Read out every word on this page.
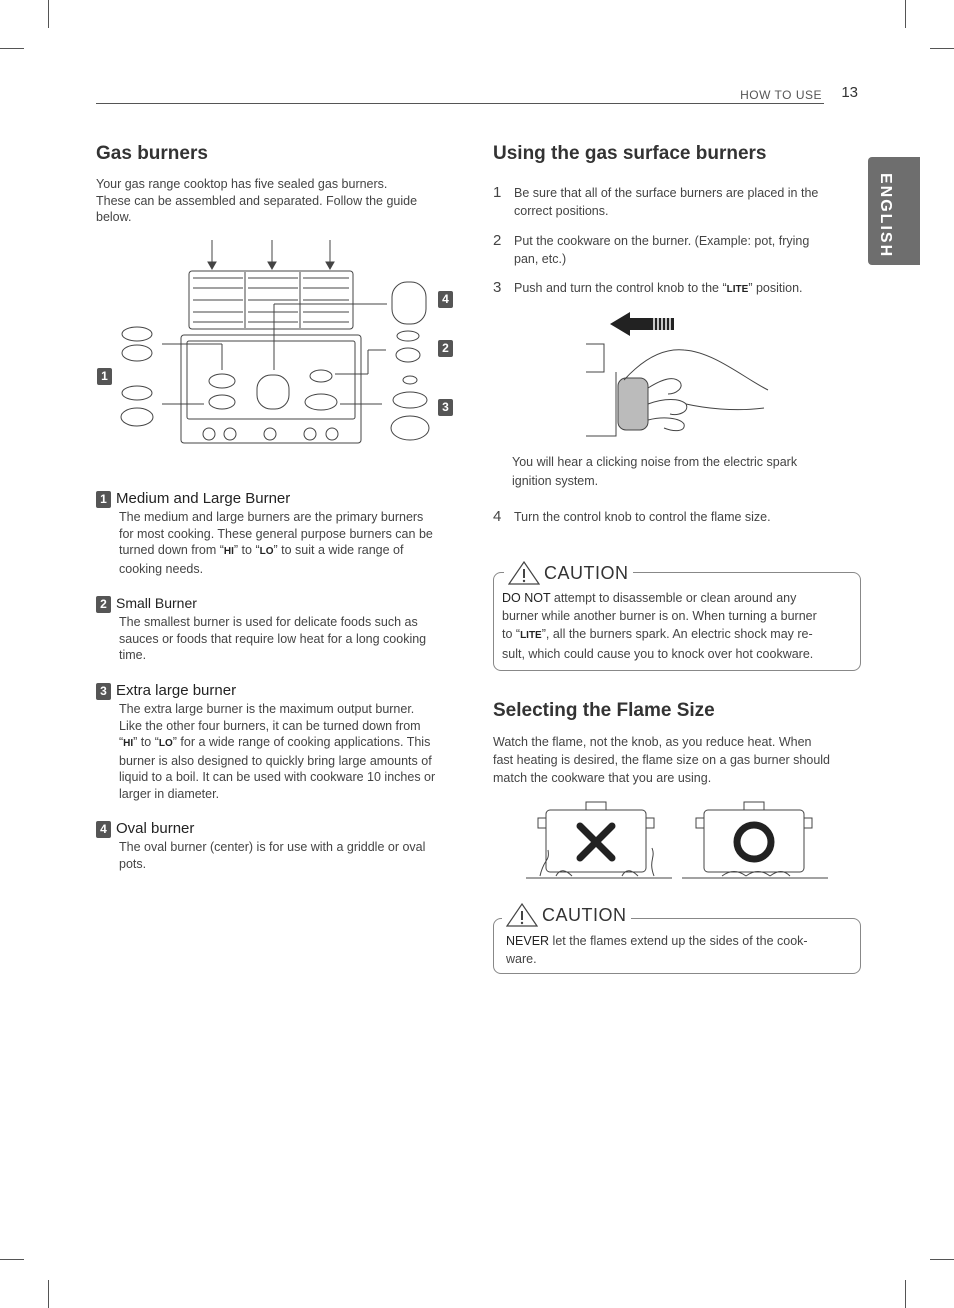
HOW TO USE 13
ENGLISH
Gas burners
Your gas range cooktop has five sealed gas burners.
These can be assembled and separated. Follow the guide
below.
1
4
2
3
1 Medium and Large Burner
The medium and large burners are the primary burners
for most cooking. These general purpose burners can be
turned down from “HI” to “LO” to suit a wide range of
cooking needs.
2 Small Burner
The smallest burner is used for delicate foods such as
sauces or foods that require low heat for a long cooking
time.
3 Extra large burner
The extra large burner is the maximum output burner.
Like the other four burners, it can be turned down from
“HI” to “LO” for a wide range of cooking applications. This
burner is also designed to quickly bring large amounts of
liquid to a boil. It can be used with cookware 10 inches or
larger in diameter.
4 Oval burner
The oval burner (center) is for use with a griddle or oval
pots.
Using the gas surface burners
1 Be sure that all of the surface burners are placed in the
correct positions.
2 Put the cookware on the burner. (Example: pot, frying
pan, etc.)
3 Push and turn the control knob to the “LITE” position.
You will hear a clicking noise from the electric spark
ignition system.
4 Turn the control knob to control the flame size.
CAUTION
DO NOT attempt to disassemble or clean around any
burner while another burner is on. When turning a burner
to “LITE”, all the burners spark. An electric shock may re-
sult, which could cause you to knock over hot cookware.
Selecting the Flame Size
Watch the flame, not the knob, as you reduce heat. When
fast heating is desired, the flame size on a gas burner should
match the cookware that you are using.
CAUTION
NEVER let the flames extend up the sides of the cook-
ware.
